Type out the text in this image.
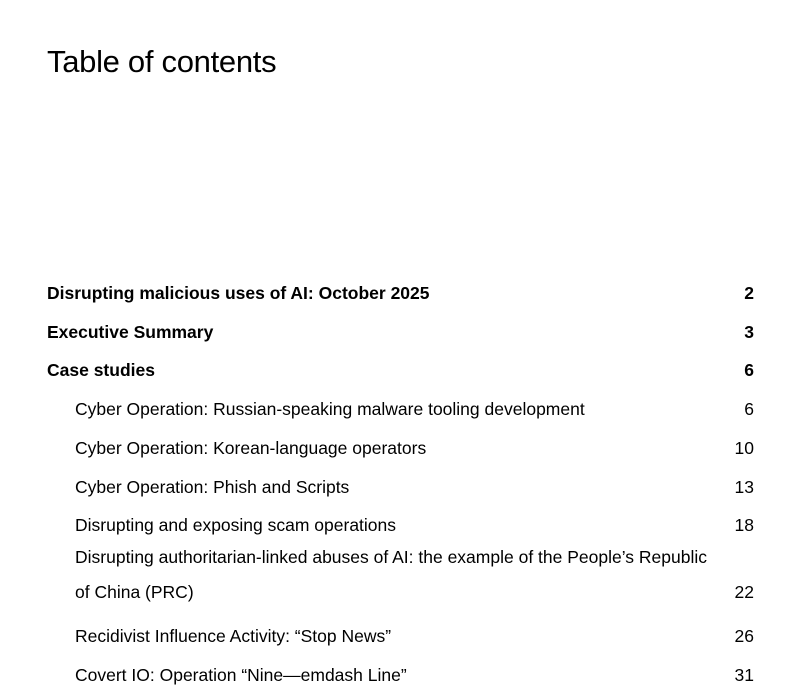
Table of contents
Disrupting malicious uses of AI: October 2025	2
Executive Summary	3
Case studies	6
Cyber Operation: Russian-speaking malware tooling development	6
Cyber Operation: Korean-language operators	10
Cyber Operation: Phish and Scripts	13
Disrupting and exposing scam operations	18
Disrupting authoritarian-linked abuses of AI: the example of the People’s Republic of China (PRC)	22
Recidivist Influence Activity: “Stop News”	26
Covert IO: Operation “Nine—emdash Line”	31
